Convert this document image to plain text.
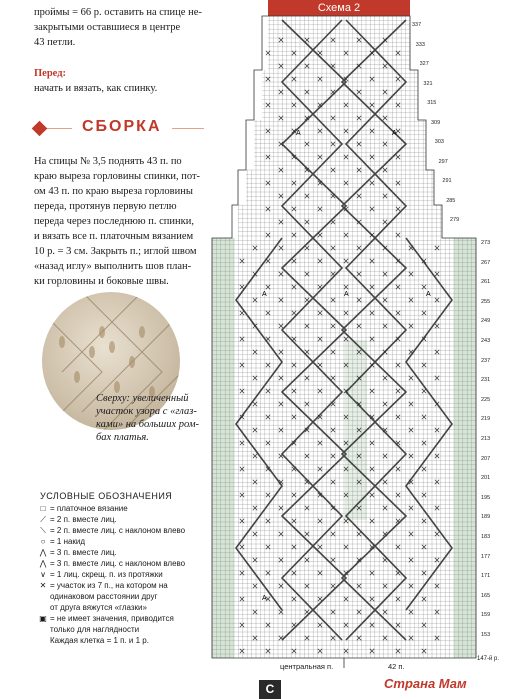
проймы = 66 р. оставить на спице не-
закрытыми оставшиеся в центре
43 петли.
Перед:
начать и вязать, как спинку.
СБОРКА
На спицы № 3,5 поднять 43 п. по
краю выреза горловины спинки, пот-
ом 43 п. по краю выреза горловины
переда, протянув первую петлю
переда через последнюю п. спинки,
и вязать все п. платочным вязанием
10 р. = 3 см. Закрыть п.; иглой швом
«назад иглу» выполнить шов план-
ки горловины и боковые швы.
Сверху: увеличенный
участок узора с «глаз-
ками» на больших ром-
бах платья.
УСЛОВНЫЕ ОБОЗНАЧЕНИЯ
□ = платочное вязание
⟋ = 2 п. вместе лиц.
⟍ = 2 п. вместе лиц. с наклоном влево
○ = 1 накид
⋀ = 3 п. вместе лиц.
⋀ = 3 п. вместе лиц. с наклоном влево
∨ = 1 лиц. скрещ. п. из протяжки
✕ = участок из 7 п., на котором на
одинаковом расстоянии друг
от друга вяжутся «глазки»
▣ = не имеет значения, приводится
только для наглядности
Каждая клетка = 1 п. и 1 р.
Схема 2
A	A
A	A	A
A
337
333
327
321
315
309
303
297
291
285
279
273
267
261
255
249
243
237
231
225
219
213
207
201
195
189
183
177
171
165
159
153
центральная п.	42 п.
147-й р.
C	Страна Мам
